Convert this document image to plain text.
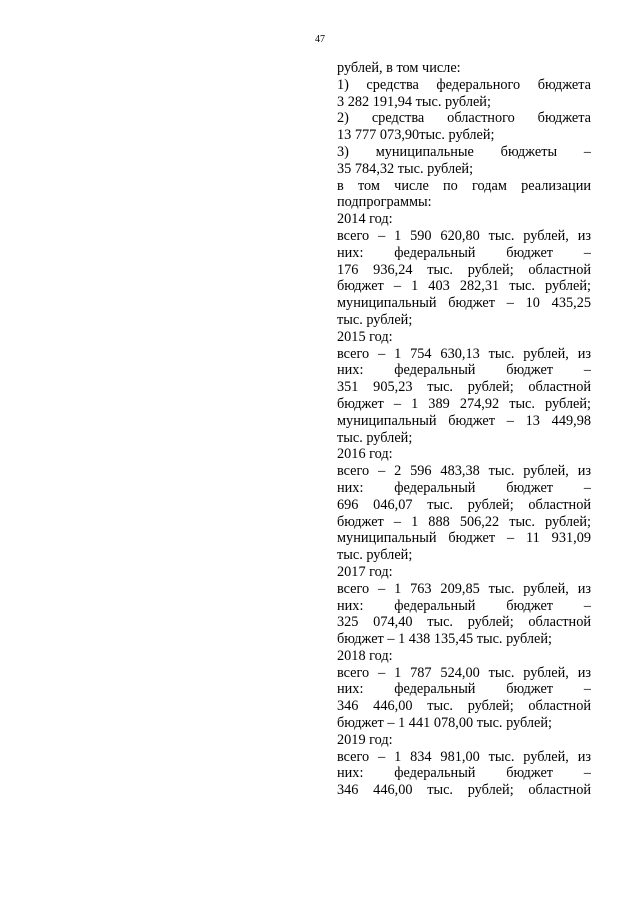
47
рублей, в том числе:
1) средства федерального бюджета
3 282 191,94 тыс. рублей;
2) средства областного бюджета
13 777 073,90тыс. рублей;
3) муниципальные бюджеты –
35 784,32 тыс. рублей;
в том числе по годам реализации
подпрограммы:
2014 год:
всего – 1 590 620,80 тыс. рублей, из
них: федеральный бюджет –
176 936,24 тыс. рублей; областной
бюджет – 1 403 282,31 тыс. рублей;
муниципальный бюджет – 10 435,25
тыс. рублей;
2015 год:
всего – 1 754 630,13 тыс. рублей, из
них: федеральный бюджет –
351 905,23 тыс. рублей; областной
бюджет – 1 389 274,92 тыс. рублей;
муниципальный бюджет – 13 449,98
тыс. рублей;
2016 год:
всего – 2 596 483,38 тыс. рублей, из
них: федеральный бюджет –
696 046,07 тыс. рублей; областной
бюджет – 1 888 506,22 тыс. рублей;
муниципальный бюджет – 11 931,09
тыс. рублей;
2017 год:
всего – 1 763 209,85 тыс. рублей, из
них: федеральный бюджет –
325 074,40 тыс. рублей; областной
бюджет – 1 438 135,45 тыс. рублей;
2018 год:
всего – 1 787 524,00 тыс. рублей, из
них: федеральный бюджет –
346 446,00 тыс. рублей; областной
бюджет – 1 441 078,00 тыс. рублей;
2019 год:
всего – 1 834 981,00 тыс. рублей, из
них: федеральный бюджет –
346 446,00 тыс. рублей; областной
